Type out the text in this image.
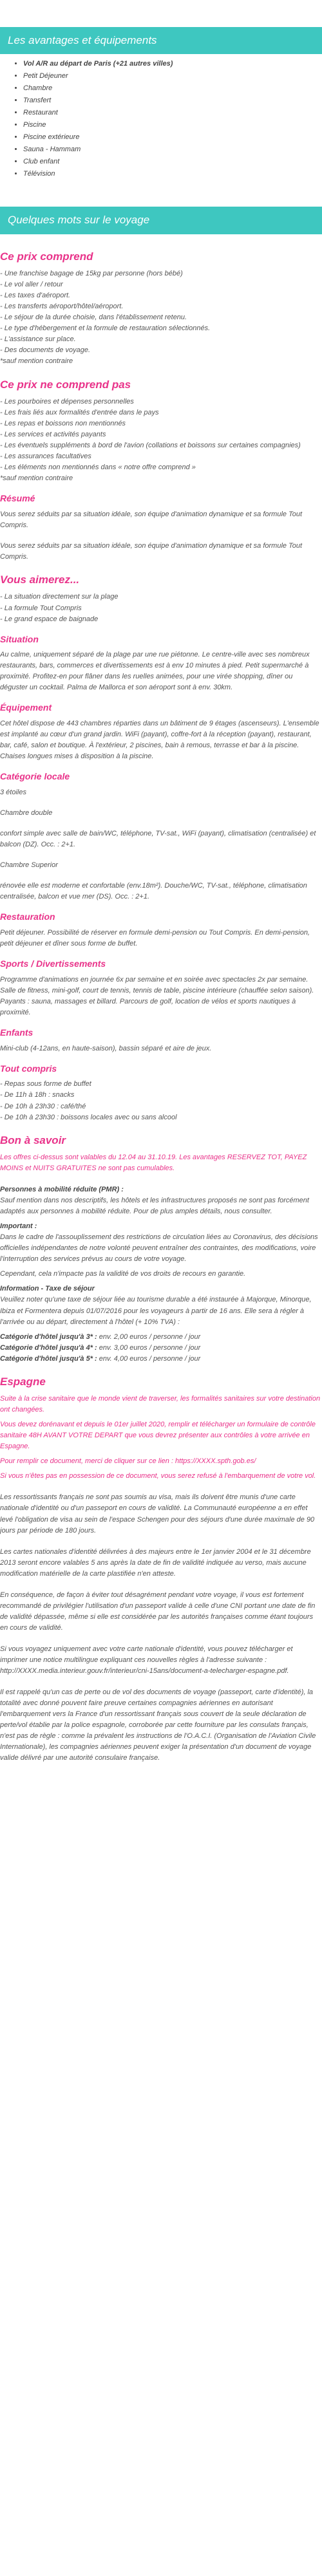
Les avantages et équipements
• Vol A/R au départ de Paris (+21 autres villes)
• Petit Déjeuner
• Chambre
• Transfert
• Restaurant
• Piscine
• Piscine extérieure
• Sauna - Hammam
• Club enfant
• Télévision
Quelques mots sur le voyage
Ce prix comprend
- Une franchise bagage de 15kg par personne (hors bébé)
- Le vol aller / retour
- Les taxes d'aéroport.
- Les transferts aéroport/hôtel/aéroport.
- Le séjour de la durée choisie, dans l'établissement retenu.
- Le type d'hébergement et la formule de restauration sélectionnés.
- L'assistance sur place.
- Des documents de voyage.
*sauf mention contraire
Ce prix ne comprend pas
- Les pourboires et dépenses personnelles
- Les frais liés aux formalités d'entrée dans le pays
- Les repas et boissons non mentionnés
- Les services et activités payants
- Les éventuels suppléments à bord de l'avion (collations et boissons sur certaines compagnies)
- Les assurances facultatives
- Les éléments non mentionnés dans « notre offre comprend »
*sauf mention contraire
Résumé
Vous serez séduits par sa situation idéale, son équipe d'animation dynamique et sa formule Tout Compris.
Vous serez séduits par sa situation idéale, son équipe d'animation dynamique et sa formule Tout Compris.
Vous aimerez...
- La situation directement sur la plage
- La formule Tout Compris
- Le grand espace de baignade
Situation
Au calme, uniquement séparé de la plage par une rue piétonne. Le centre-ville avec ses nombreux restaurants, bars, commerces et divertissements est à env 10 minutes à pied. Petit supermarché à proximité. Profitez-en pour flâner dans les ruelles animées, pour une virée shopping, dîner ou déguster un cocktail. Palma de Mallorca et son aéroport sont à env. 30km.
Équipement
Cet hôtel dispose de 443 chambres réparties dans un bâtiment de 9 étages (ascenseurs). L'ensemble est implanté au cœur d'un grand jardin. WiFi (payant), coffre-fort à la réception (payant), restaurant, bar, café, salon et boutique. À l'extérieur, 2 piscines, bain à remous, terrasse et bar à la piscine. Chaises longues mises à disposition à la piscine.
Catégorie locale
3 étoiles
Chambre double
confort simple avec salle de bain/WC, téléphone, TV-sat., WiFi (payant), climatisation (centralisée) et balcon (DZ). Occ. : 2+1.
Chambre Superior
rénovée elle est moderne et confortable (env.18m²). Douche/WC, TV-sat., téléphone, climatisation centralisée, balcon et vue mer (DS). Occ. : 2+1.
Restauration
Petit déjeuner. Possibilité de réserver en formule demi-pension ou Tout Compris. En demi-pension, petit déjeuner et dîner sous forme de buffet.
Sports / Divertissements
Programme d'animations en journée 6x par semaine et en soirée avec spectacles 2x par semaine. Salle de fitness, mini-golf, court de tennis, tennis de table, piscine intérieure (chauffée selon saison).
Payants : sauna, massages et billard. Parcours de golf, location de vélos et sports nautiques à proximité.
Enfants
Mini-club (4-12ans, en haute-saison), bassin séparé et aire de jeux.
Tout compris
- Repas sous forme de buffet
- De 11h à 18h : snacks
- De 10h à 23h30 : café/thé
- De 10h à 23h30 : boissons locales avec ou sans alcool
Bon à savoir

Les offres ci-dessus sont valables du 12.04 au 31.10.19. Les avantages RESERVEZ TOT, PAYEZ MOINS et NUITS GRATUITES ne sont pas cumulables.

Personnes à mobilité réduite (PMR) :

Sauf mention dans nos descriptifs, les hôtels et les infrastructures proposés ne sont pas forcément adaptés aux personnes à mobilité réduite. Pour de plus amples détails, nous consulter.

Important :

Dans le cadre de l'assouplissement des restrictions de circulation liées au Coronavirus, des décisions officielles indépendantes de notre volonté peuvent entraîner des contraintes, des modifications, voire l'interruption des services prévus au cours de votre voyage.

Cependant, cela n'impacte pas la validité de vos droits de recours en garantie.

Information - Taxe de séjour

Veuillez noter qu'une taxe de séjour liée au tourisme durable a été instaurée à Majorque, Minorque, Ibiza et Formentera depuis 01/07/2016 pour les voyageurs à partir de 16 ans. Elle sera à régler à l'arrivée ou au départ, directement à l'hôtel (+ 10% TVA) :

Catégorie d'hôtel jusqu'à 3* : env. 2,00 euros / personne / jour
Catégorie d'hôtel jusqu'à 4* : env. 3,00 euros / personne / jour
Catégorie d'hôtel jusqu'à 5* : env. 4,00 euros / personne / jour
Espagne

Suite à la crise sanitaire que le monde vient de traverser, les formalités sanitaires sur votre destination ont changées.

Vous devez dorénavant et depuis le 01er juillet 2020, remplir et télécharger un formulaire de contrôle sanitaire 48H AVANT VOTRE DEPART que vous devrez présenter aux contrôles à votre arrivée en Espagne.

Pour remplir ce document, merci de cliquer sur ce lien : https://XXXX.spth.gob.es/

Si vous n'êtes pas en possession de ce document, vous serez refusé à l'embarquement de votre vol.

Les ressortissants français ne sont pas soumis au visa, mais ils doivent être munis d'une carte nationale d'identité ou d'un passeport en cours de validité. La Communauté européenne a en effet levé l'obligation de visa au sein de l'espace Schengen pour des séjours d'une durée maximale de 90 jours par période de 180 jours.

Les cartes nationales d'identité délivrées à des majeurs entre le 1er janvier 2004 et le 31 décembre 2013 seront encore valables 5 ans après la date de fin de validité indiquée au verso, mais aucune modification matérielle de la carte plastifiée n'en atteste.

En conséquence, de façon à éviter tout désagrément pendant votre voyage, il vous est fortement recommandé de privilégier l'utilisation d'un passeport valide à celle d'une CNI portant une date de fin de validité dépassée, même si elle est considérée par les autorités françaises comme étant toujours en cours de validité.

Si vous voyagez uniquement avec votre carte nationale d'identité, vous pouvez télécharger et imprimer une notice multilingue expliquant ces nouvelles règles à l'adresse suivante : http://XXXX.media.interieur.gouv.fr/interieur/cni-15ans/document-a-telecharger-espagne.pdf.

Il est rappelé qu'un cas de perte ou de vol des documents de voyage (passeport, carte d'identité), la totalité avec donné pouvent faire preuve certaines compagnies aériennes en autorisant l'embarquement vers la France d'un ressortissant français sous couvert de la seule déclaration de perte/vol établie par la police espagnole, corroborée par cette fourniture par les consulats français, n'est pas de règle : comme la prévalent les instructions de l'O.A.C.I. (Organisation de l'Aviation Civile Internationale), les compagnies aériennes peuvent exiger la présentation d'un document de voyage valide délivré par une autorité consulaire française.
